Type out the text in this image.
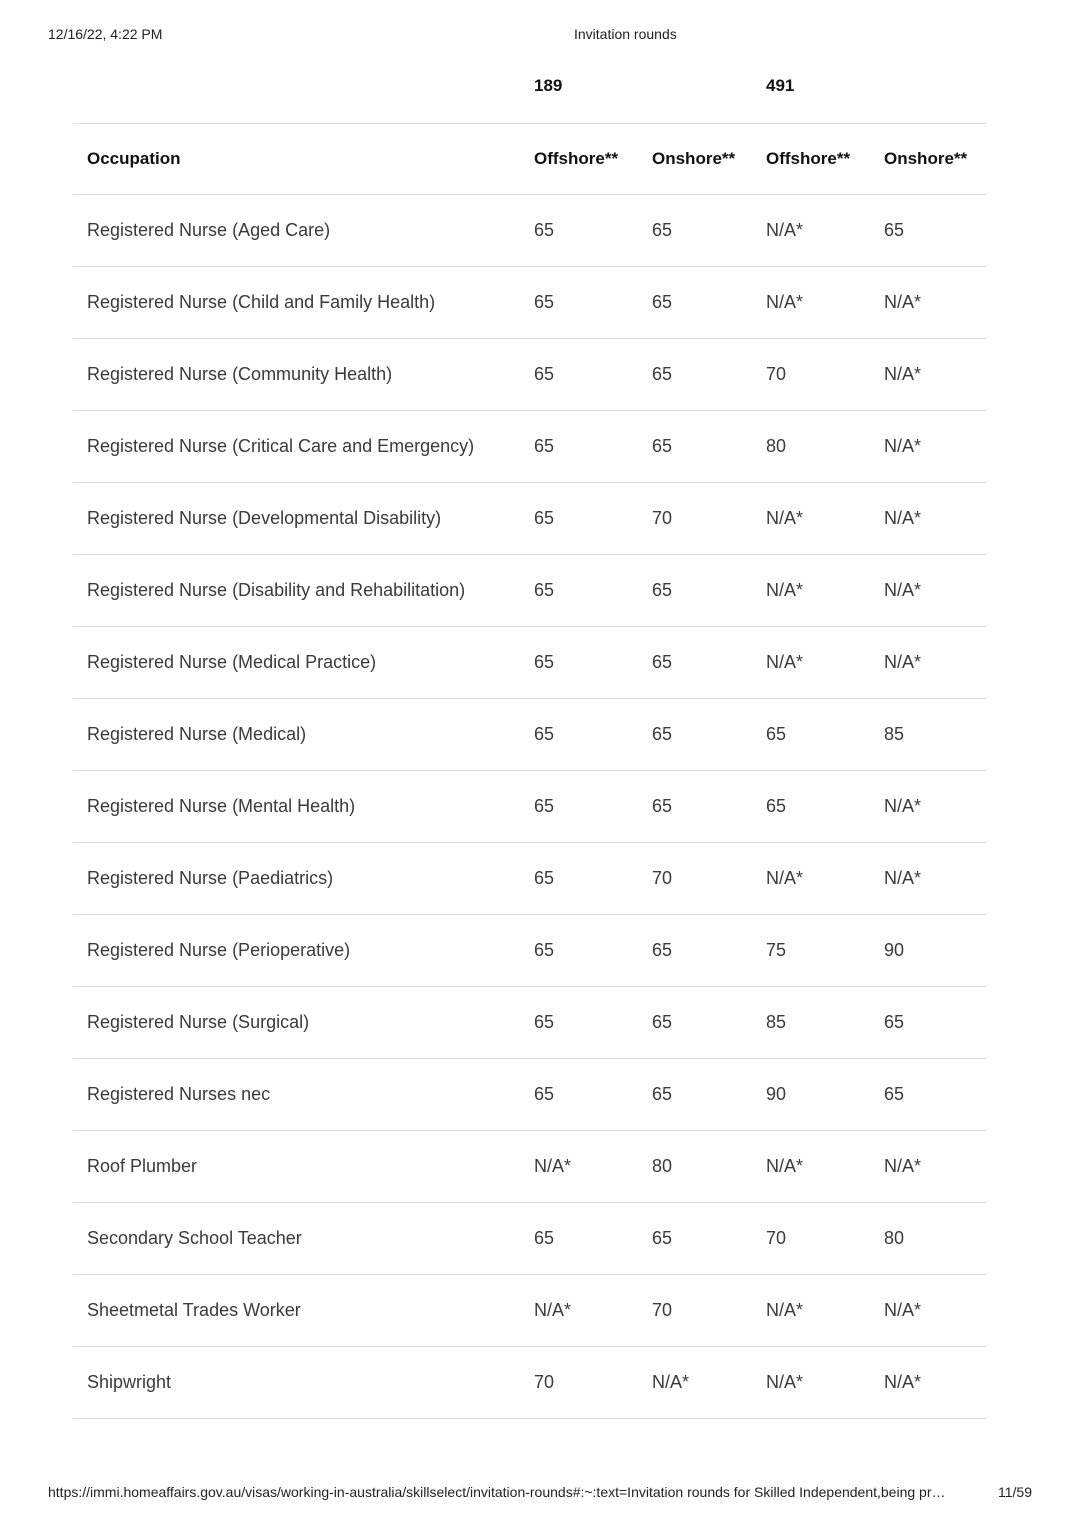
12/16/22, 4:22 PM	Invitation rounds
189	491
Occupation	Offshore**	Onshore**	Offshore**	Onshore**
Registered Nurse (Aged Care)	65	65	N/A*	65
Registered Nurse (Child and Family Health)	65	65	N/A*	N/A*
Registered Nurse (Community Health)	65	65	70	N/A*
Registered Nurse (Critical Care and Emergency)	65	65	80	N/A*
Registered Nurse (Developmental Disability)	65	70	N/A*	N/A*
Registered Nurse (Disability and Rehabilitation)	65	65	N/A*	N/A*
Registered Nurse (Medical Practice)	65	65	N/A*	N/A*
Registered Nurse (Medical)	65	65	65	85
Registered Nurse (Mental Health)	65	65	65	N/A*
Registered Nurse (Paediatrics)	65	70	N/A*	N/A*
Registered Nurse (Perioperative)	65	65	75	90
Registered Nurse (Surgical)	65	65	85	65
Registered Nurses nec	65	65	90	65
Roof Plumber	N/A*	80	N/A*	N/A*
Secondary School Teacher	65	65	70	80
Sheetmetal Trades Worker	N/A*	70	N/A*	N/A*
Shipwright	70	N/A*	N/A*	N/A*
https://immi.homeaffairs.gov.au/visas/working-in-australia/skillselect/invitation-rounds#:~:text=Invitation rounds for Skilled Independent,being pr…	11/59
